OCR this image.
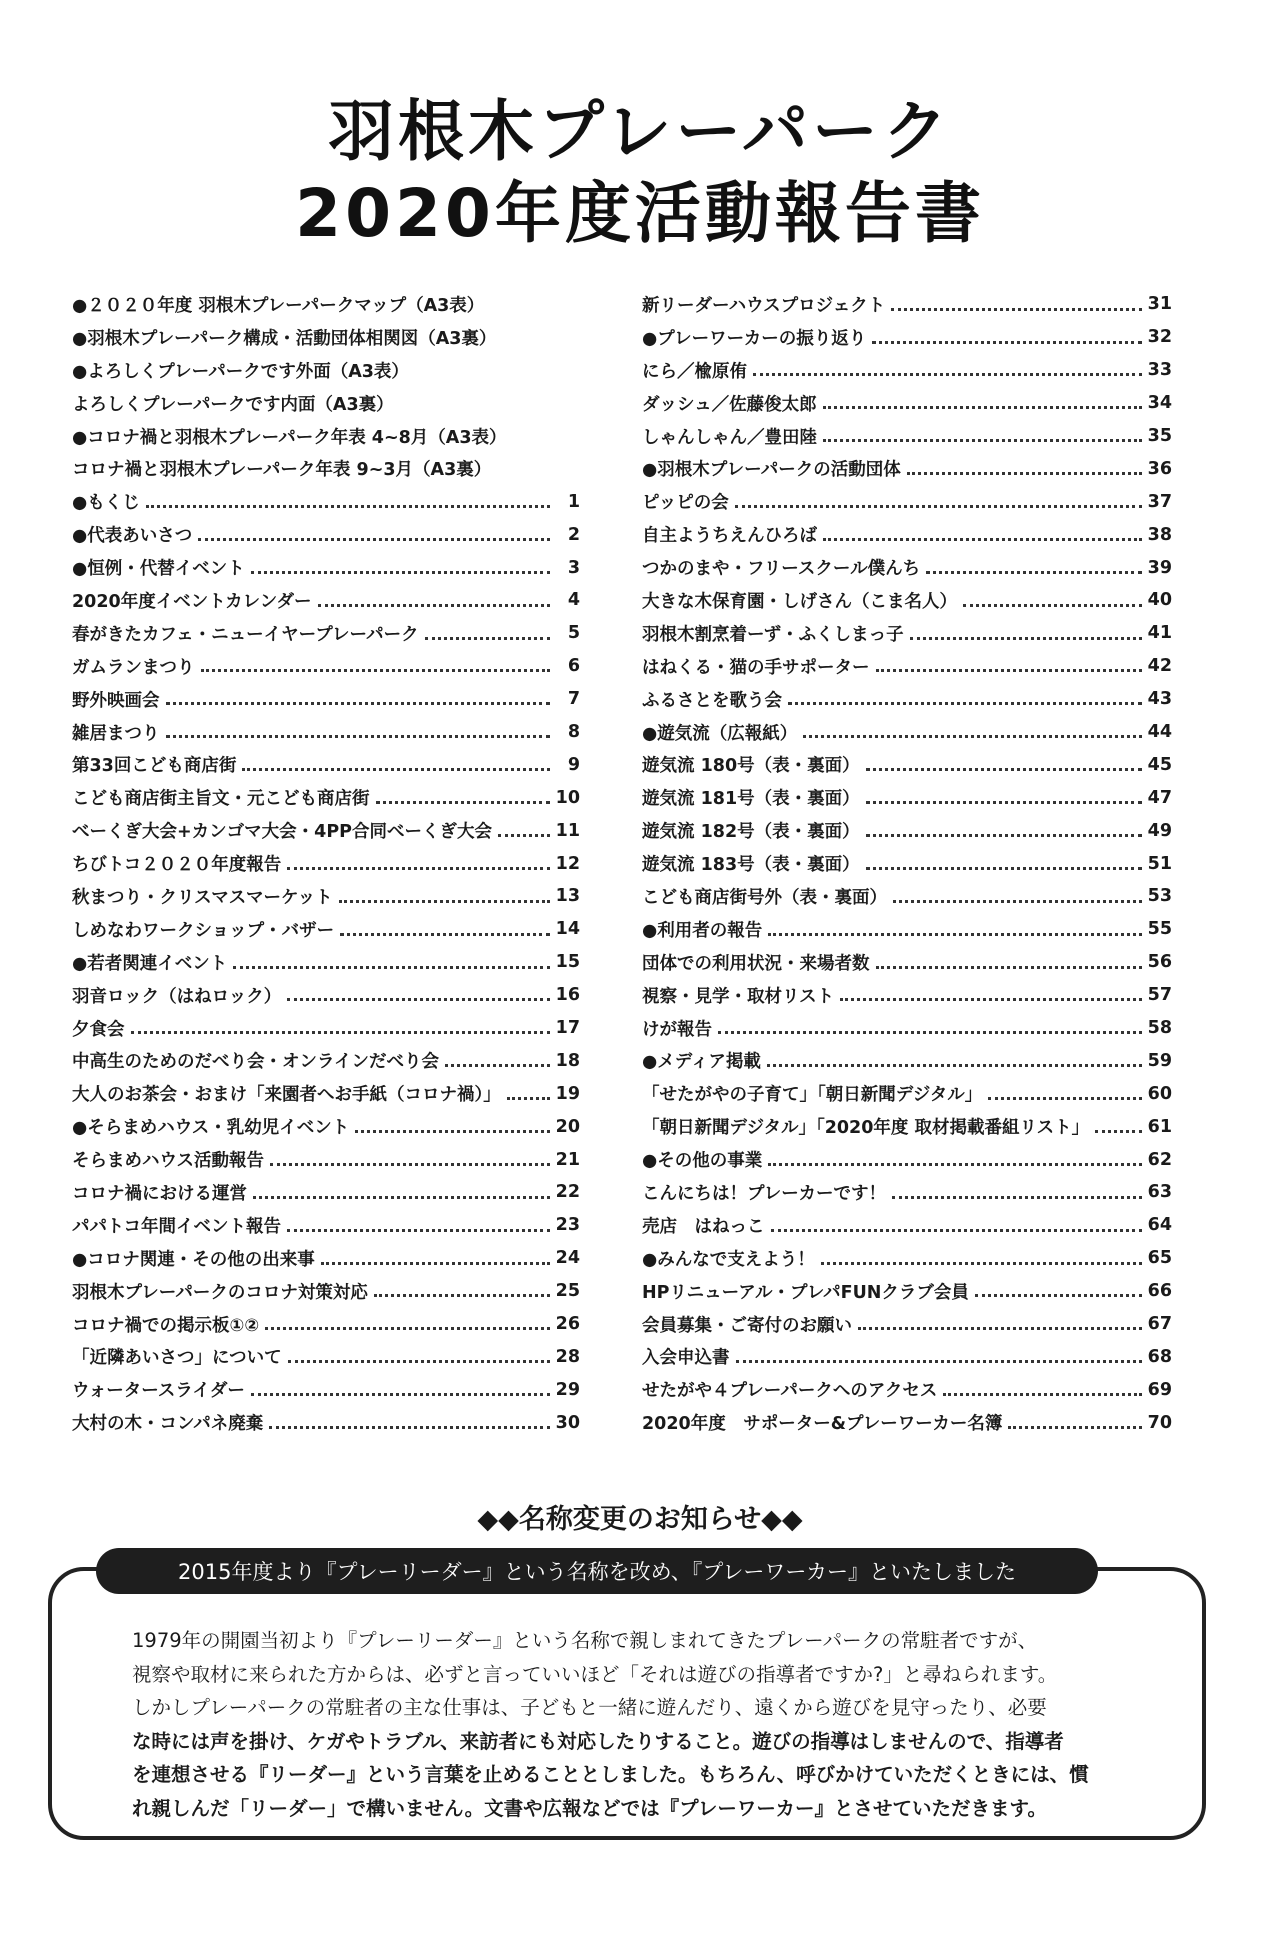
羽根木プレーパーク
2020年度活動報告書
●２０２０年度 羽根木プレーパークマップ（A3表）
●羽根木プレーパーク構成・活動団体相関図（A3裏）
●よろしくプレーパークです外面（A3表）
よろしくプレーパークです内面（A3裏）
●コロナ禍と羽根木プレーパーク年表 4~8月（A3表）
コロナ禍と羽根木プレーパーク年表 9~3月（A3裏）
●もくじ	1
●代表あいさつ	2
●恒例・代替イベント	3
2020年度イベントカレンダー	4
春がきたカフェ・ニューイヤープレーパーク	5
ガムランまつり	6
野外映画会	7
雑居まつり	8
第33回こども商店街	9
こども商店街主旨文・元こども商店街	10
べーくぎ大会+カンゴマ大会・4PP合同べーくぎ大会	11
ちびトコ２０２０年度報告	12
秋まつり・クリスマスマーケット	13
しめなわワークショップ・バザー	14
●若者関連イベント	15
羽音ロック（はねロック）	16
夕食会	17
中高生のためのだべり会・オンラインだべり会	18
大人のお茶会・おまけ「来園者へお手紙（コロナ禍）」	19
●そらまめハウス・乳幼児イベント	20
そらまめハウス活動報告	21
コロナ禍における運営	22
パパトコ年間イベント報告	23
●コロナ関連・その他の出来事	24
羽根木プレーパークのコロナ対策対応	25
コロナ禍での掲示板①②	26
「近隣あいさつ」について	28
ウォータースライダー	29
大村の木・コンパネ廃棄	30
新リーダーハウスプロジェクト	31
●プレーワーカーの振り返り	32
にら／楡原侑	33
ダッシュ／佐藤俊太郎	34
しゃんしゃん／豊田陸	35
●羽根木プレーパークの活動団体	36
ピッピの会	37
自主ようちえんひろば	38
つかのまや・フリースクール僕んち	39
大きな木保育園・しげさん（こま名人）	40
羽根木割烹着ーず・ふくしまっ子	41
はねくる・猫の手サポーター	42
ふるさとを歌う会	43
●遊気流（広報紙）	44
遊気流 180号（表・裏面）	45
遊気流 181号（表・裏面）	47
遊気流 182号（表・裏面）	49
遊気流 183号（表・裏面）	51
こども商店街号外（表・裏面）	53
●利用者の報告	55
団体での利用状況・来場者数	56
視察・見学・取材リスト	57
けが報告	58
●メディア掲載	59
「せたがやの子育て」「朝日新聞デジタル」	60
「朝日新聞デジタル」「2020年度 取材掲載番組リスト」	61
●その他の事業	62
こんにちは！プレーカーです！	63
売店　はねっこ	64
●みんなで支えよう！	65
HPリニューアル・プレパFUNクラブ会員	66
会員募集・ご寄付のお願い	67
入会申込書	68
せたがや４プレーパークへのアクセス	69
2020年度　サポーター&プレーワーカー名簿	70
◆◆名称変更のお知らせ◆◆
2015年度より『プレーリーダー』という名称を改め、『プレーワーカー』といたしました

1979年の開園当初より『プレーリーダー』という名称で親しまれてきたプレーパークの常駐者ですが、

視察や取材に来られた方からは、必ずと言っていいほど「それは遊びの指導者ですか?」と尋ねられます。

しかしプレーパークの常駐者の主な仕事は、子どもと一緒に遊んだり、遠くから遊びを見守ったり、必要

な時には声を掛け、ケガやトラブル、来訪者にも対応したりすること。遊びの指導はしませんので、指導者

を連想させる『リーダー』という言葉を止めることとしました。もちろん、呼びかけていただくときには、慣

れ親しんだ「リーダー」で構いません。文書や広報などでは『プレーワーカー』とさせていただきます。
